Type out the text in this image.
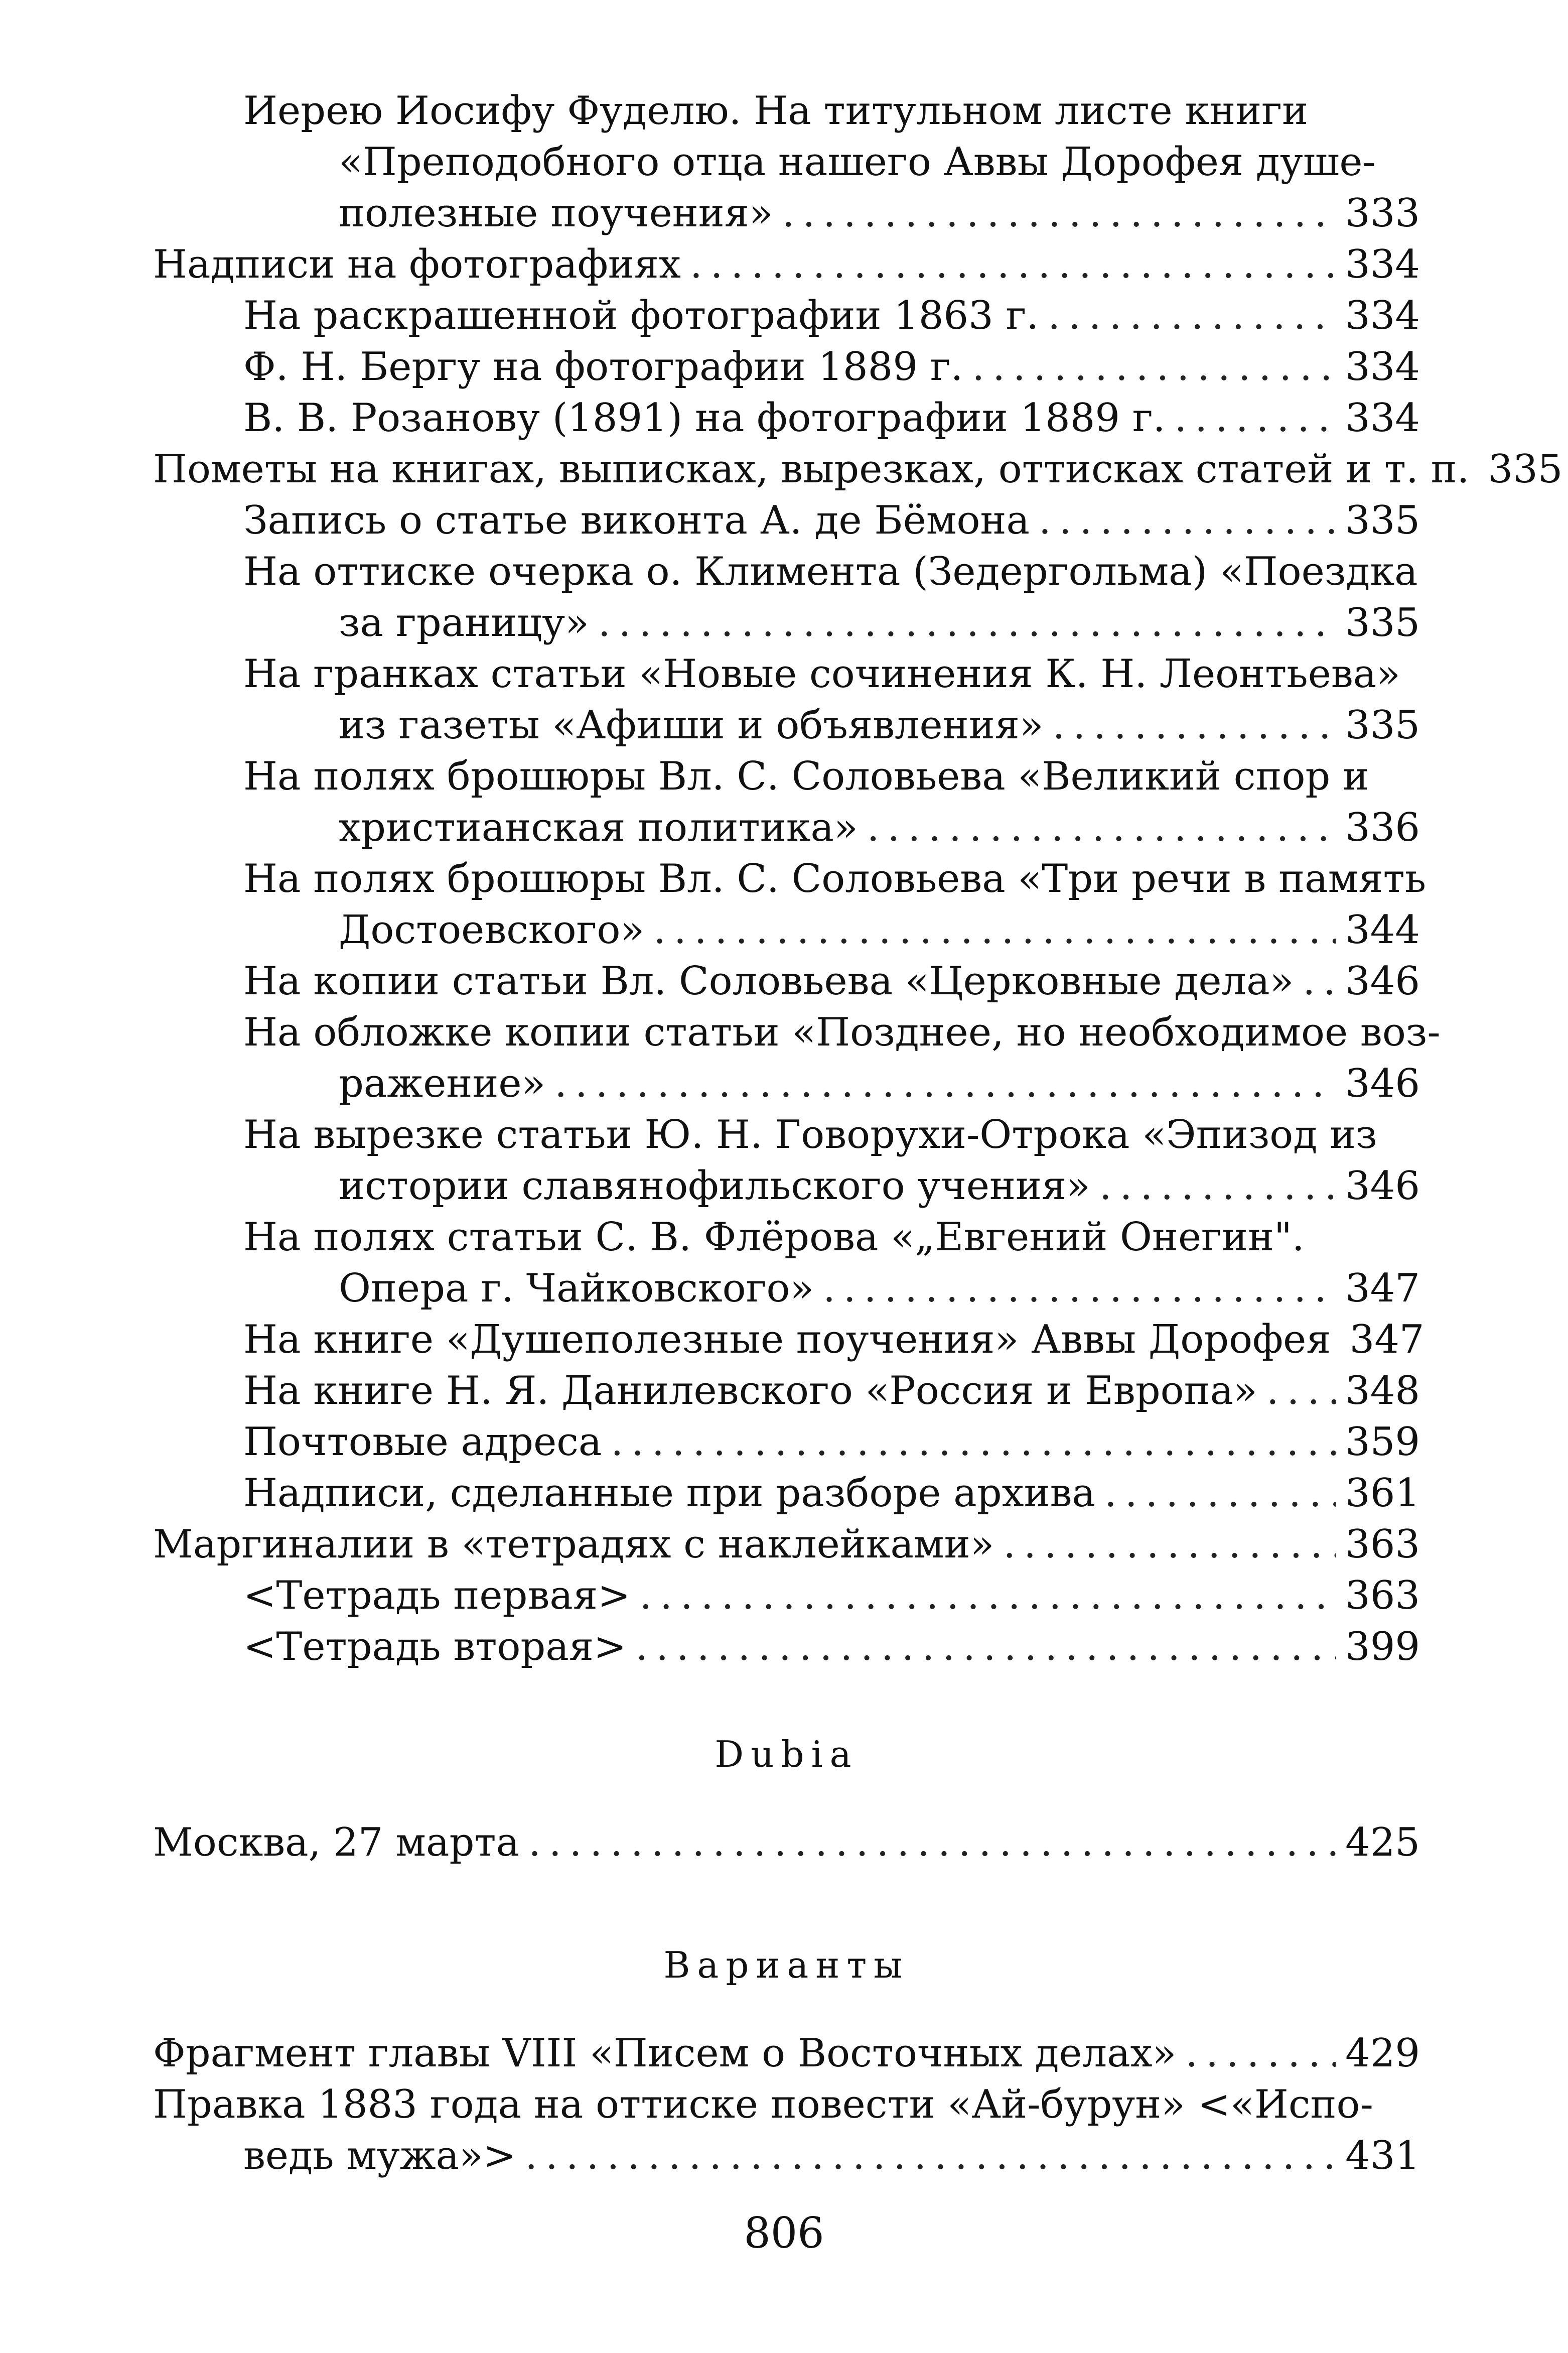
Иерею Иосифу Фуделю. На титульном листе книги
«Преподобного отца нашего Аввы Дорофея душе-
полезные поучения» .....	333
Надписи на фотографиях .....	334
На раскрашенной фотографии 1863 г. .....	334
Ф. Н. Бергу на фотографии 1889 г. .....	334
В. В. Розанову (1891) на фотографии 1889 г. .....	334
Пометы на книгах, выписках, вырезках, оттисках статей и т. п. 335
Запись о статье виконта А. де Бёмона .....	335
На оттиске очерка о. Климента (Зедергольма) «Поездка
за границу» .....	335
На гранках статьи «Новые сочинения К. Н. Леонтьева»
из газеты «Афиши и объявления» .....	335
На полях брошюры Вл. С. Соловьева «Великий спор и
христианская политика» .....	336
На полях брошюры Вл. С. Соловьева «Три речи в память
Достоевского» .....	344
На копии статьи Вл. Соловьева «Церковные дела» ..... 346
На обложке копии статьи «Позднее, но необходимое воз-
ражение» .....	346
На вырезке статьи Ю. Н. Говорухи-Отрока «Эпизод из
истории славянофильского учения» .....	346
На полях статьи С. В. Флёрова «„Евгений Онегин".
Опера г. Чайковского» .....	347
На книге «Душеполезные поучения» Аввы Дорофея 347
На книге Н. Я. Данилевского «Россия и Европа» ..... 348
Почтовые адреса .....	359
Надписи, сделанные при разборе архива .....	361
Маргиналии в «тетрадях с наклейками» .....	363
<Тетрадь первая> .....	363
<Тетрадь вторая> .....	399
Dubia
Москва, 27 марта .....	425
Варианты
Фрагмент главы VIII «Писем о Восточных делах» .....	429
Правка 1883 года на оттиске повести «Ай-бурун» <«Испо-
ведь мужа»> .....	431
806
